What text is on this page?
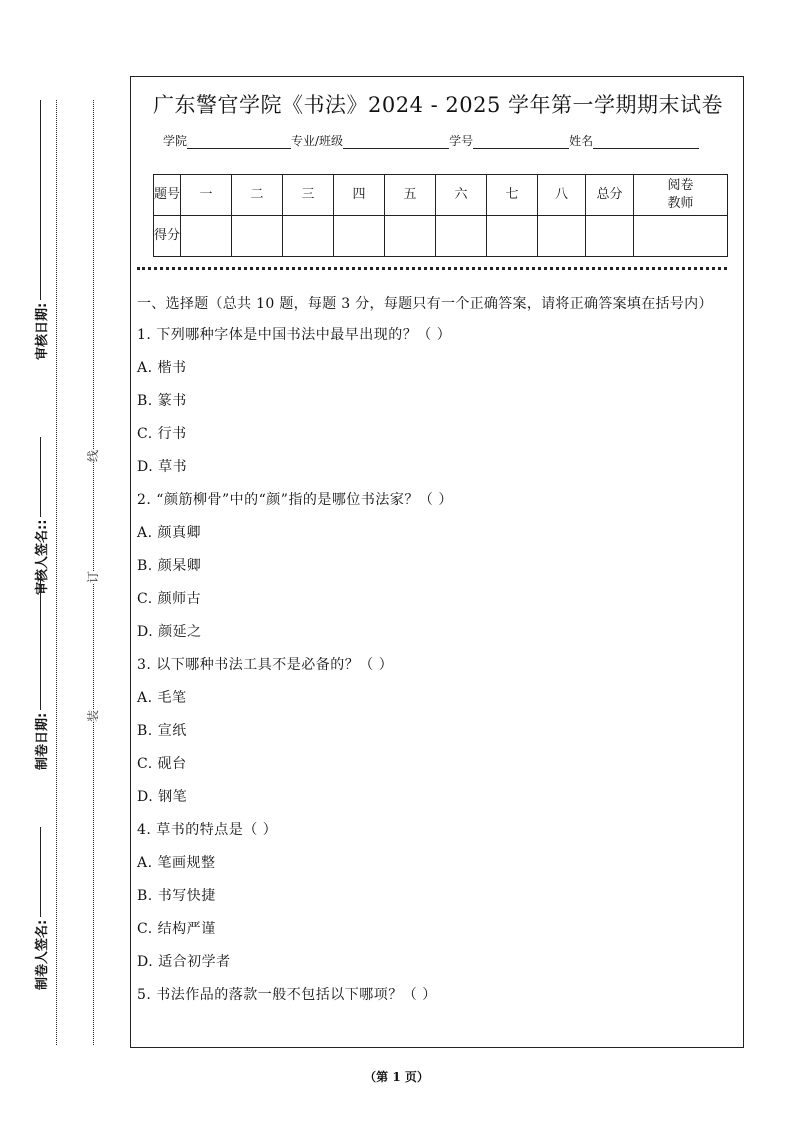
审核日期:
审核人签名::
制卷日期:
制卷人签名:
线
订
装
广东警官学院《书法》2024 - 2025 学年第一学期期末试卷
学院	专业/班级	学号	姓名
题号	一	二	三	四	五	六	七	八	总分	阅卷教师
得分										
一、选择题（总共 10 题，每题 3 分，每题只有一个正确答案，请将正确答案填在括号内）
1. 下列哪种字体是中国书法中最早出现的？（ ）
A. 楷书
B. 篆书
C. 行书
D. 草书
2. “颜筋柳骨”中的“颜”指的是哪位书法家？（ ）
A. 颜真卿
B. 颜杲卿
C. 颜师古
D. 颜延之
3. 以下哪种书法工具不是必备的？（ ）
A. 毛笔
B. 宣纸
C. 砚台
D. 钢笔
4. 草书的特点是（ ）
A. 笔画规整
B. 书写快捷
C. 结构严谨
D. 适合初学者
5. 书法作品的落款一般不包括以下哪项？（ ）
（第 1 页）
